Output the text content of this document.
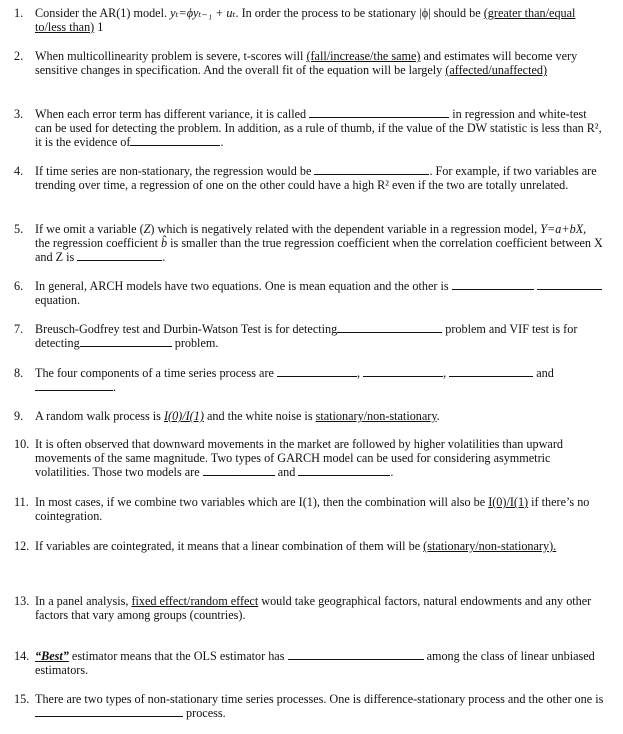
1. Consider the AR(1) model. yₜ=ϕyₜ₋₁ + uₜ. In order the process to be stationary |ϕ| should be (greater than/equal to/less than) 1
2. When multicollinearity problem is severe, t-scores will (fall/increase/the same) and estimates will become very sensitive changes in specification. And the overall fit of the equation will be largely (affected/unaffected)
3. When each error term has different variance, it is called	in regression and white-test can be used for detecting the problem. In addition, as a rule of thumb, if the value of the DW statistic is less than R², it is the evidence of	.
4. If time series are non-stationary, the regression would be	. For example, if two variables are trending over time, a regression of one on the other could have a high R² even if the two are totally unrelated.
5. If we omit a variable (Z) which is negatively related with the dependent variable in a regression model, Y=a+bX, the regression coefficient b̂ is smaller than the true regression coefficient when the correlation coefficient between X and Z is	.
6. In general, ARCH models have two equations. One is mean equation and the other is   equation.
7. Breusch-Godfrey test and Durbin-Watson Test is for detecting	problem and VIF test is for detecting	problem.
8. The four components of a time series process are	,	,	and .
9. A random walk process is I(0)/I(1) and the white noise is stationary/non-stationary.
10. It is often observed that downward movements in the market are followed by higher volatilities than upward movements of the same magnitude. Two types of GARCH model can be used for considering asymmetric volatilities. Those two models are	and	.
11. In most cases, if we combine two variables which are I(1), then the combination will also be I(0)/I(1) if there’s no cointegration.
12. If variables are cointegrated, it means that a linear combination of them will be (stationary/non-stationary).
13. In a panel analysis, fixed effect/random effect would take geographical factors, natural endowments and any other factors that vary among groups (countries).
14. “Best” estimator means that the OLS estimator has	among the class of linear unbiased estimators.
15. There are two types of non-stationary time series processes. One is difference-stationary process and the other one is  process.
